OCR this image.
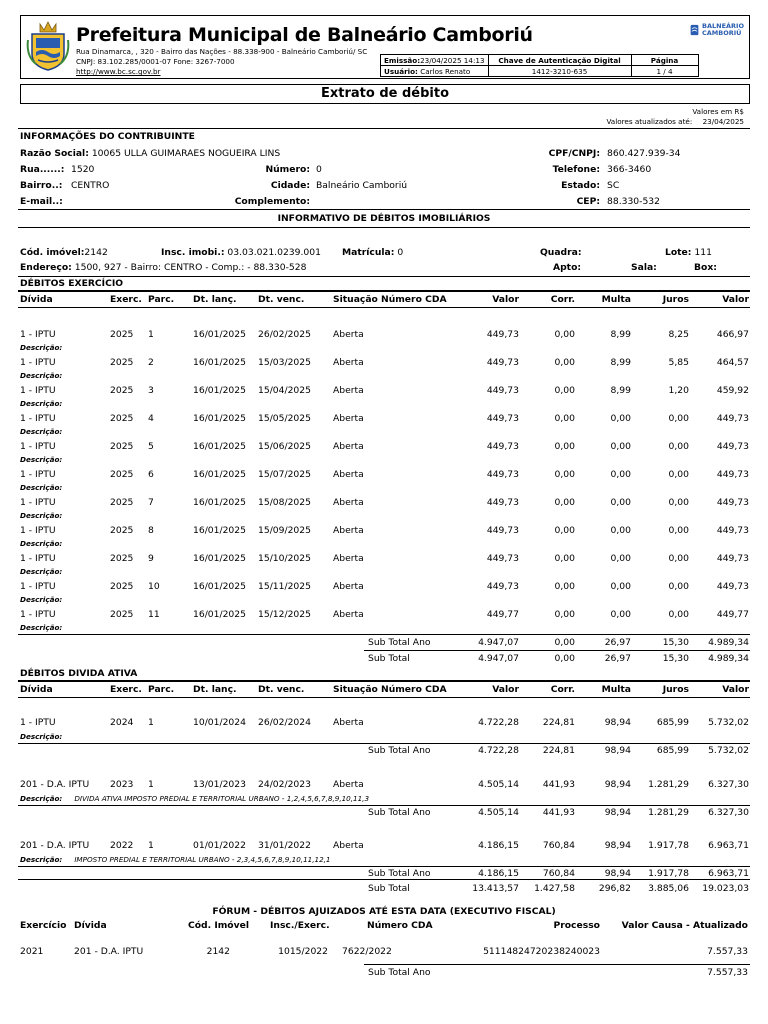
Prefeitura Municipal de Balneário Camboriú
Rua Dinamarca, , 320 - Bairro das Nações - 88.338-900 - Balneário Camboriú/ SC
CNPJ: 83.102.285/0001-07 Fone: 3267-7000
http://www.bc.sc.gov.br
Emissão:23/04/2025 14:13	Chave de Autenticação Digital	Página
Usuário: Carlos Renato	1412-3210-635	1 / 4
BALNEÁRIO
CAMBORIÚ
Extrato de débito
Valores em R$
Valores atualizados até: 23/04/2025
INFORMAÇÕES DO CONTRIBUINTE
Razão Social: 10065 ULLA GUIMARAES NOGUEIRA LINS	CPF/CNPJ: 860.427.939-34
Rua......: 1520	Número: 0	Telefone: 366-3460
Bairro..: CENTRO	Cidade: Balneário Camboriú	Estado: SC
E-mail..:	Complemento:	CEP: 88.330-532
INFORMATIVO DE DÉBITOS IMOBILIÁRIOS
Cód. imóvel:2142	Insc. imobi.: 03.03.021.0239.001 Matrícula: 0	Quadra:	Lote: 111
Endereço: 1500, 927 - Bairro: CENTRO - Comp.: - 88.330-528	Apto:	Sala:	Box:
DÉBITOS EXERCÍCIO
Dívida	Exerc. Parc. Dt. lanç. Dt. venc.	Situação Número CDA	Valor	Corr.	Multa	Juros	Valor
1 - IPTU	2025 1	16/01/2025 26/02/2025 Aberta	449,73	0,00	8,99	8,25	466,97
Descrição:
1 - IPTU	2025 2	16/01/2025 15/03/2025 Aberta	449,73	0,00	8,99	5,85	464,57
Descrição:
1 - IPTU	2025 3	16/01/2025 15/04/2025 Aberta	449,73	0,00	8,99	1,20	459,92
Descrição:
1 - IPTU	2025 4	16/01/2025 15/05/2025 Aberta	449,73	0,00	0,00	0,00	449,73
Descrição:
1 - IPTU	2025 5	16/01/2025 15/06/2025 Aberta	449,73	0,00	0,00	0,00	449,73
Descrição:
1 - IPTU	2025 6	16/01/2025 15/07/2025 Aberta	449,73	0,00	0,00	0,00	449,73
Descrição:
1 - IPTU	2025 7	16/01/2025 15/08/2025 Aberta	449,73	0,00	0,00	0,00	449,73
Descrição:
1 - IPTU	2025 8	16/01/2025 15/09/2025 Aberta	449,73	0,00	0,00	0,00	449,73
Descrição:
1 - IPTU	2025 9	16/01/2025 15/10/2025 Aberta	449,73	0,00	0,00	0,00	449,73
Descrição:
1 - IPTU	2025 10	16/01/2025 15/11/2025 Aberta	449,73	0,00	0,00	0,00	449,73
Descrição:
1 - IPTU	2025 11	16/01/2025 15/12/2025 Aberta	449,77	0,00	0,00	0,00	449,77
Descrição:
Sub Total Ano	4.947,07	0,00	26,97	15,30	4.989,34
Sub Total	4.947,07	0,00	26,97	15,30	4.989,34
DÉBITOS DIVIDA ATIVA
Dívida	Exerc. Parc. Dt. lanç. Dt. venc.	Situação Número CDA	Valor	Corr.	Multa	Juros	Valor
1 - IPTU	2024 1	10/01/2024 26/02/2024 Aberta	4.722,28	224,81	98,94	685,99	5.732,02
Descrição:
Sub Total Ano	4.722,28	224,81	98,94	685,99	5.732,02
201 - D.A. IPTU 2023 1	13/01/2023 24/02/2023 Aberta	4.505,14	441,93	98,94	1.281,29	6.327,30
Descrição: DIVIDA ATIVA IMPOSTO PREDIAL E TERRITORIAL URBANO - 1,2,4,5,6,7,8,9,10,11,3
Sub Total Ano	4.505,14	441,93	98,94	1.281,29	6.327,30
201 - D.A. IPTU 2022 1	01/01/2022 31/01/2022 Aberta	4.186,15	760,84	98,94	1.917,78	6.963,71
Descrição: IMPOSTO PREDIAL E TERRITORIAL URBANO - 2,3,4,5,6,7,8,9,10,11,12,1
Sub Total Ano	4.186,15	760,84	98,94	1.917,78	6.963,71
Sub Total	13.413,57	1.427,58	296,82	3.885,06	19.023,03
FÓRUM - DÉBITOS AJUIZADOS ATÉ ESTA DATA (EXECUTIVO FISCAL)
Exercício Dívida	Cód. Imóvel Insc./Exerc.	Número CDA	Processo	Valor Causa - Atualizado
2021	201 - D.A. IPTU	2142	1015/2022 7622/2022	51114824720238240023	7.557,33
Sub Total Ano	7.557,33
